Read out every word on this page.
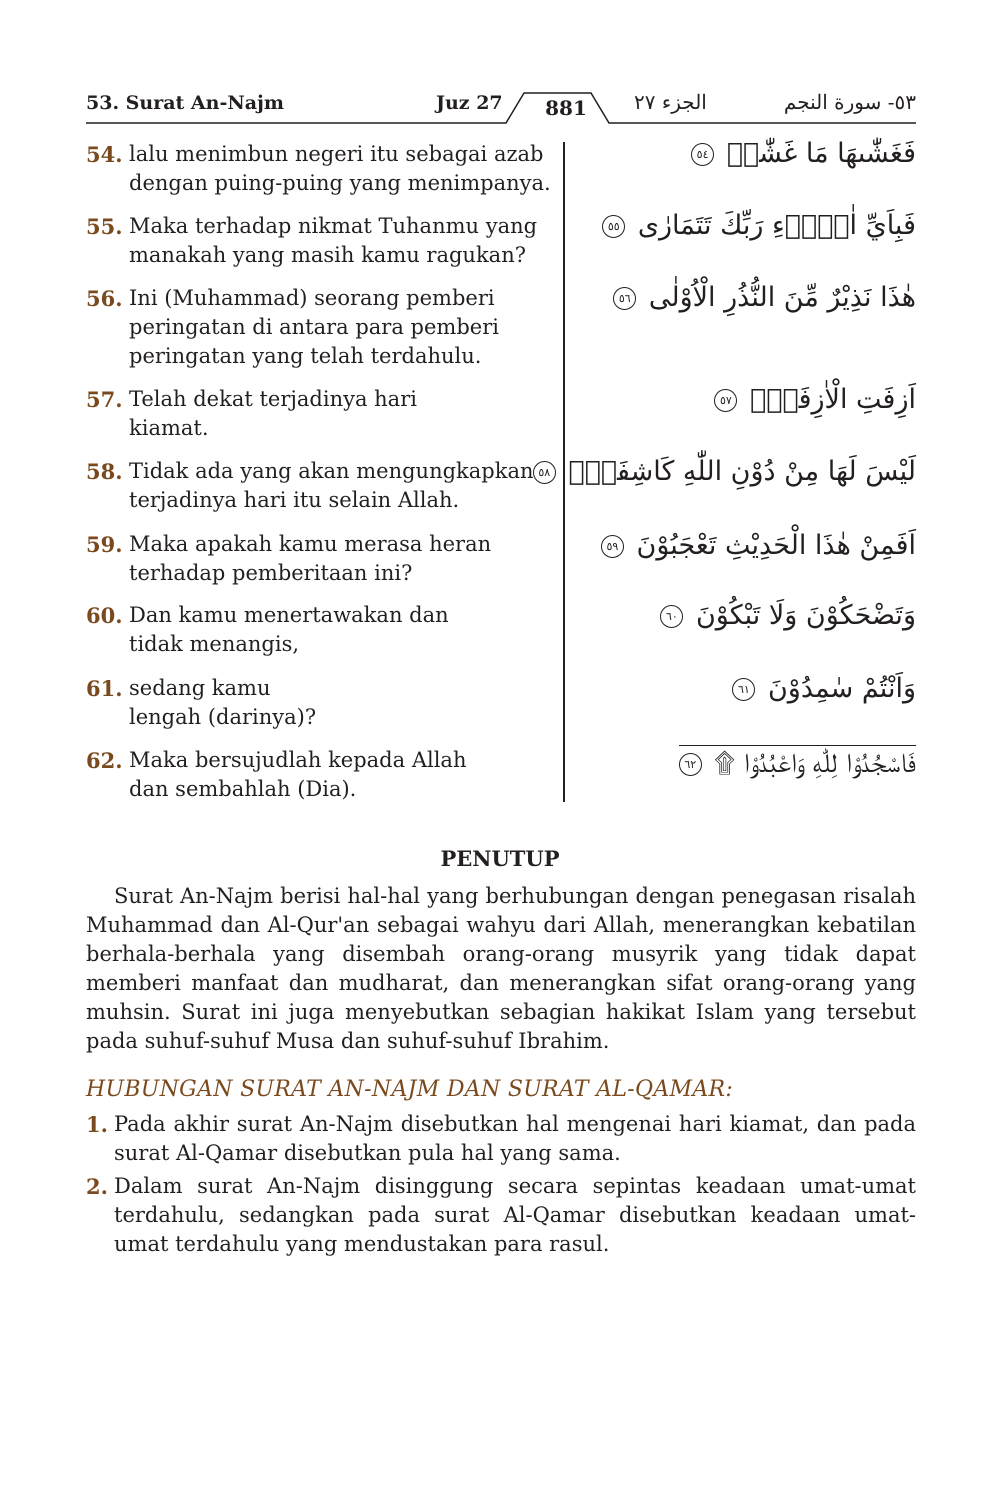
53. Surat An-Najm	Juz 27	881	الجزء ٢٧	٥٣- سورة النجم
54. lalu menimbun negeri itu sebagai azab dengan puing-puing yang menimpanya.
فَغَشّٰىهَا مَا غَشّٰىۚ ٥٤
55. Maka terhadap nikmat Tuhanmu yang manakah yang masih kamu ragukan?
فَبِاَيِّ اٰلَاۤءِ رَبِّكَ تَتَمَارٰى ٥٥
56. Ini (Muhammad) seorang pemberi peringatan di antara para pemberi peringatan yang telah terdahulu.
هٰذَا نَذِيْرٌ مِّنَ النُّذُرِ الْاُوْلٰى ٥٦
57. Telah dekat terjadinya hari kiamat.
اَزِفَتِ الْاٰزِفَةُۚ ٥٧
58. Tidak ada yang akan mengungkapkan terjadinya hari itu selain Allah.
لَيْسَ لَهَا مِنْ دُوْنِ اللّٰهِ كَاشِفَةٌۗ ٥٨
59. Maka apakah kamu merasa heran terhadap pemberitaan ini?
اَفَمِنْ هٰذَا الْحَدِيْثِ تَعْجَبُوْنَ ٥٩
60. Dan kamu menertawakan dan tidak menangis,
وَتَضْحَكُوْنَ وَلَا تَبْكُوْنَ ٦٠
61. sedang kamu lengah (darinya)?
وَاَنْتُمْ سٰمِدُوْنَ ٦١
62. Maka bersujudlah kepada Allah dan sembahlah (Dia).
فَاسْجُدُوْا لِلّٰهِ وَاعْبُدُوْا ۩ ٦٢
PENUTUP
Surat An-Najm berisi hal-hal yang berhubungan dengan penegasan risalah Muhammad dan Al-Qur'an sebagai wahyu dari Allah, menerangkan kebatilan berhala-berhala yang disembah orang-orang musyrik yang tidak dapat memberi manfaat dan mudharat, dan menerangkan sifat orang-orang yang muhsin. Surat ini juga menyebutkan sebagian hakikat Islam yang tersebut pada suhuf-suhuf Musa dan suhuf-suhuf Ibrahim.
HUBUNGAN SURAT AN-NAJM DAN SURAT AL-QAMAR:
1. Pada akhir surat An-Najm disebutkan hal mengenai hari kiamat, dan pada surat Al-Qamar disebutkan pula hal yang sama.
2. Dalam surat An-Najm disinggung secara sepintas keadaan umat-umat terdahulu, sedangkan pada surat Al-Qamar disebutkan keadaan umat-umat terdahulu yang mendustakan para rasul.
